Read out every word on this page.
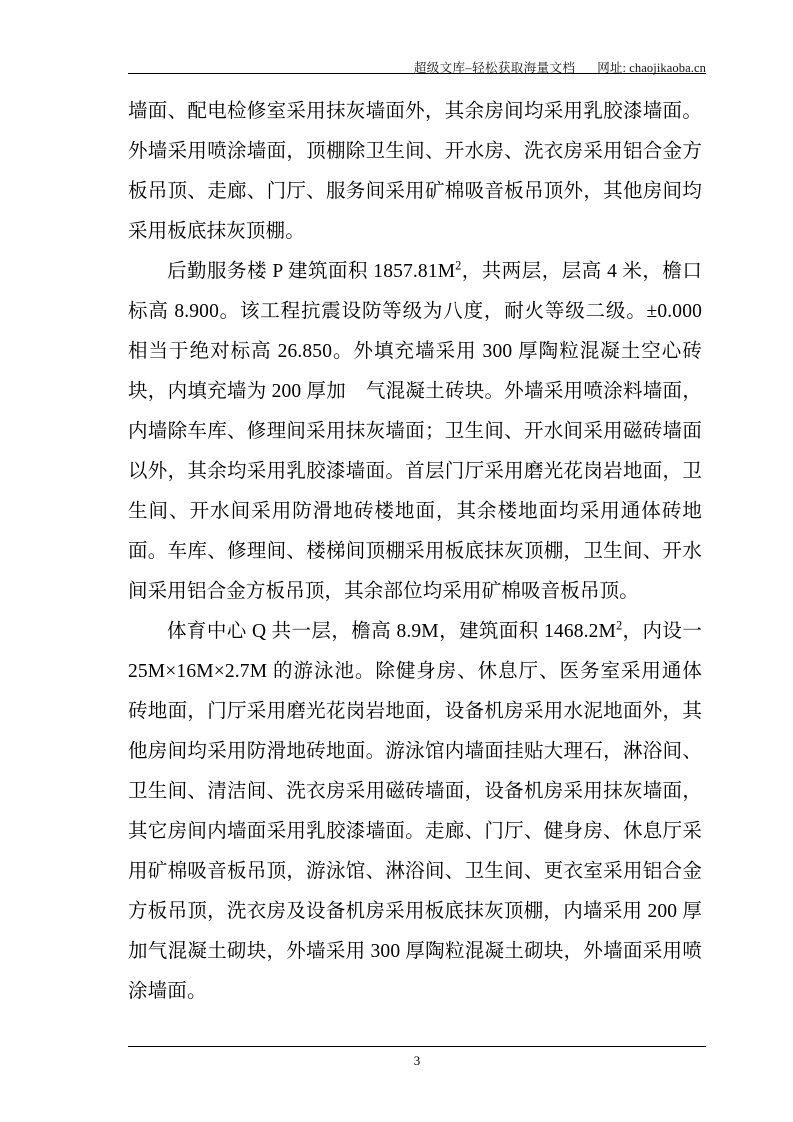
超级文库–轻松获取海量文档 网址: chaojikaoba.cn

墙面、配电检修室采用抹灰墙面外，其余房间均采用乳胶漆墙面。外墙采用喷涂墙面，顶棚除卫生间、开水房、洗衣房采用铝合金方板吊顶、走廊、门厅、服务间采用矿棉吸音板吊顶外，其他房间均采用板底抹灰顶棚。

后勤服务楼 P 建筑面积 $1857.81M^2$，共两层，层高 4 米，檐口标高 8.900。该工程抗震设防等级为八度，耐火等级二级。±0.000 相当于绝对标高 26.850。外填充墙采用 300 厚陶粒混凝土空心砖块，内填充墙为 200 厚加　气混凝土砖块。外墙采用喷涂料墙面，内墙除车库、修理间采用抹灰墙面；卫生间、开水间采用磁砖墙面以外，其余均采用乳胶漆墙面。首层门厅采用磨光花岗岩地面，卫生间、开水间采用防滑地砖楼地面，其余楼地面均采用通体砖地面。车库、修理间、楼梯间顶棚采用板底抹灰顶棚，卫生间、开水间采用铝合金方板吊顶，其余部位均采用矿棉吸音板吊顶。

体育中心 Q 共一层，檐高 8.9M，建筑面积 $1468.2M^2$，内设一 25M×16M×2.7M 的游泳池。除健身房、休息厅、医务室采用通体砖地面，门厅采用磨光花岗岩地面，设备机房采用水泥地面外，其他房间均采用防滑地砖地面。游泳馆内墙面挂贴大理石，淋浴间、卫生间、清洁间、洗衣房采用磁砖墙面，设备机房采用抹灰墙面，其它房间内墙面采用乳胶漆墙面。走廊、门厅、健身房、休息厅采用矿棉吸音板吊顶，游泳馆、淋浴间、卫生间、更衣室采用铝合金方板吊顶，洗衣房及设备机房采用板底抹灰顶棚，内墙采用 200 厚加气混凝土砌块，外墙采用 300 厚陶粒混凝土砌块，外墙面采用喷涂墙面。

3
